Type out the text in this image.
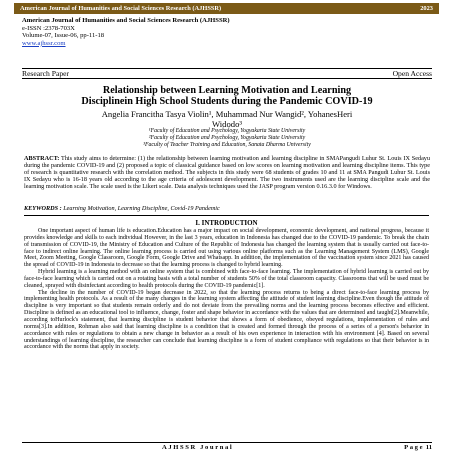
American Journal of Humanities and Social Sciences Research (AJHSSR)	2023
American Journal of Humanities and Social Sciences Research (AJHSSR)
e-ISSN :2378-703X
Volume-07, Issue-06, pp-11-18
www.ajhssr.com
Research Paper	Open Access
Relationship between Learning Motivation and Learning
Disciplinein High School Students during the Pandemic COVID-19
Angelia Francitha Tasya Violin¹, Muhammad Nur Wangid², YohanesHeri
Widodo³
¹Faculty of Education and Psychology, Yogyakarta State University
²Faculty of Education and Psychology, Yogyakarta State University
³Faculty of Teacher Training and Education, Sanata Dharma University
ABSTRACT: This study aims to determine: (1) the relationship between learning motivation and learning discipline in SMAPangudi Luhur St. Louis IX Sedayu during the pandemic COVID-19 and (2) proposed a topic of classical guidance based on low scores on learning motivation and learning discipline items. This type of research is quantitative research with the correlation method. The subjects in this study were 68 students of grades 10 and 11 at SMA Pangudi Luhur St. Louis IX Sedayu who is 16-18 years old according to the age criteria of adolescent development. The two instruments used are the learning discipline scale and the learning motivation scale. The scale used is the Likert scale. Data analysis techniques used the JASP program version 0.16.3.0 for Windows.
KEYWORDS : Learning Motivation, Learning Discipline, Covid-19 Pandemic
I. INTRODUCTION

One important aspect of human life is education.Education has a major impact on social development, economic development, and national progress, because it provides knowledge and skills to each individual However, in the last 3 years, education in Indonesia has changed due to the COVID-19 pandemic. To break the chain of transmission of COVID-19, the Ministry of Education and Culture of the Republic of Indonesia has changed the learning system that is usually carried out face-to-face to indirect online learning. The online learning process is carried out using various online platforms such as the Learning Management System (LMS), Google Meet, Zoom Meeting, Google Classroom, Google Form, Google Drive and Whatsapp. In addition, the implementation of the vaccination system since 2021 has caused the spread of COVID-19 in Indonesia to decrease so that the learning process is changed to hybrid learning.

Hybrid learning is a learning method with an online system that is combined with face-to-face learning. The implementation of hybrid learning is carried out by face-to-face learning which is carried out on a rotating basis with a total number of students 50% of the total classroom capacity. Classrooms that will be used must be cleaned, sprayed with disinfectant according to health protocols during the COVID-19 pandemic[1].

The decline in the number of COVID-19 began decrease in 2022, so that the learning process returns to being a direct face-to-face learning process by implementing health protocols. As a result of the many changes in the learning system affecting the attitude of student learning discipline.Even though the attitude of discipline is very important so that students remain orderly and do not deviate from the prevailing norms and the learning process becomes effective and efficient. Discipline is defined as an educational tool to influence, change, foster and shape behavior in accordance with the values that are determined and taught[2].Meanwhile, according toHurlock's statement, that learning discipline is student behavior that shows a form of obedience, obeyed regulations, implementation of rules and norms[3].In addition, Rohman also said that learning discipline is a condition that is created and formed through the process of a series of a person's behavior in accordance with rules or regulations to obtain a new change in behavior as a result of his own experience in interaction with his environment [4]. Based on several understandings of learning discipline, the researcher can conclude that learning discipline is a form of student compliance with regulations so that their behavior is in accordance with the norms that apply in society.

AJHSSR Journal	Page 11
